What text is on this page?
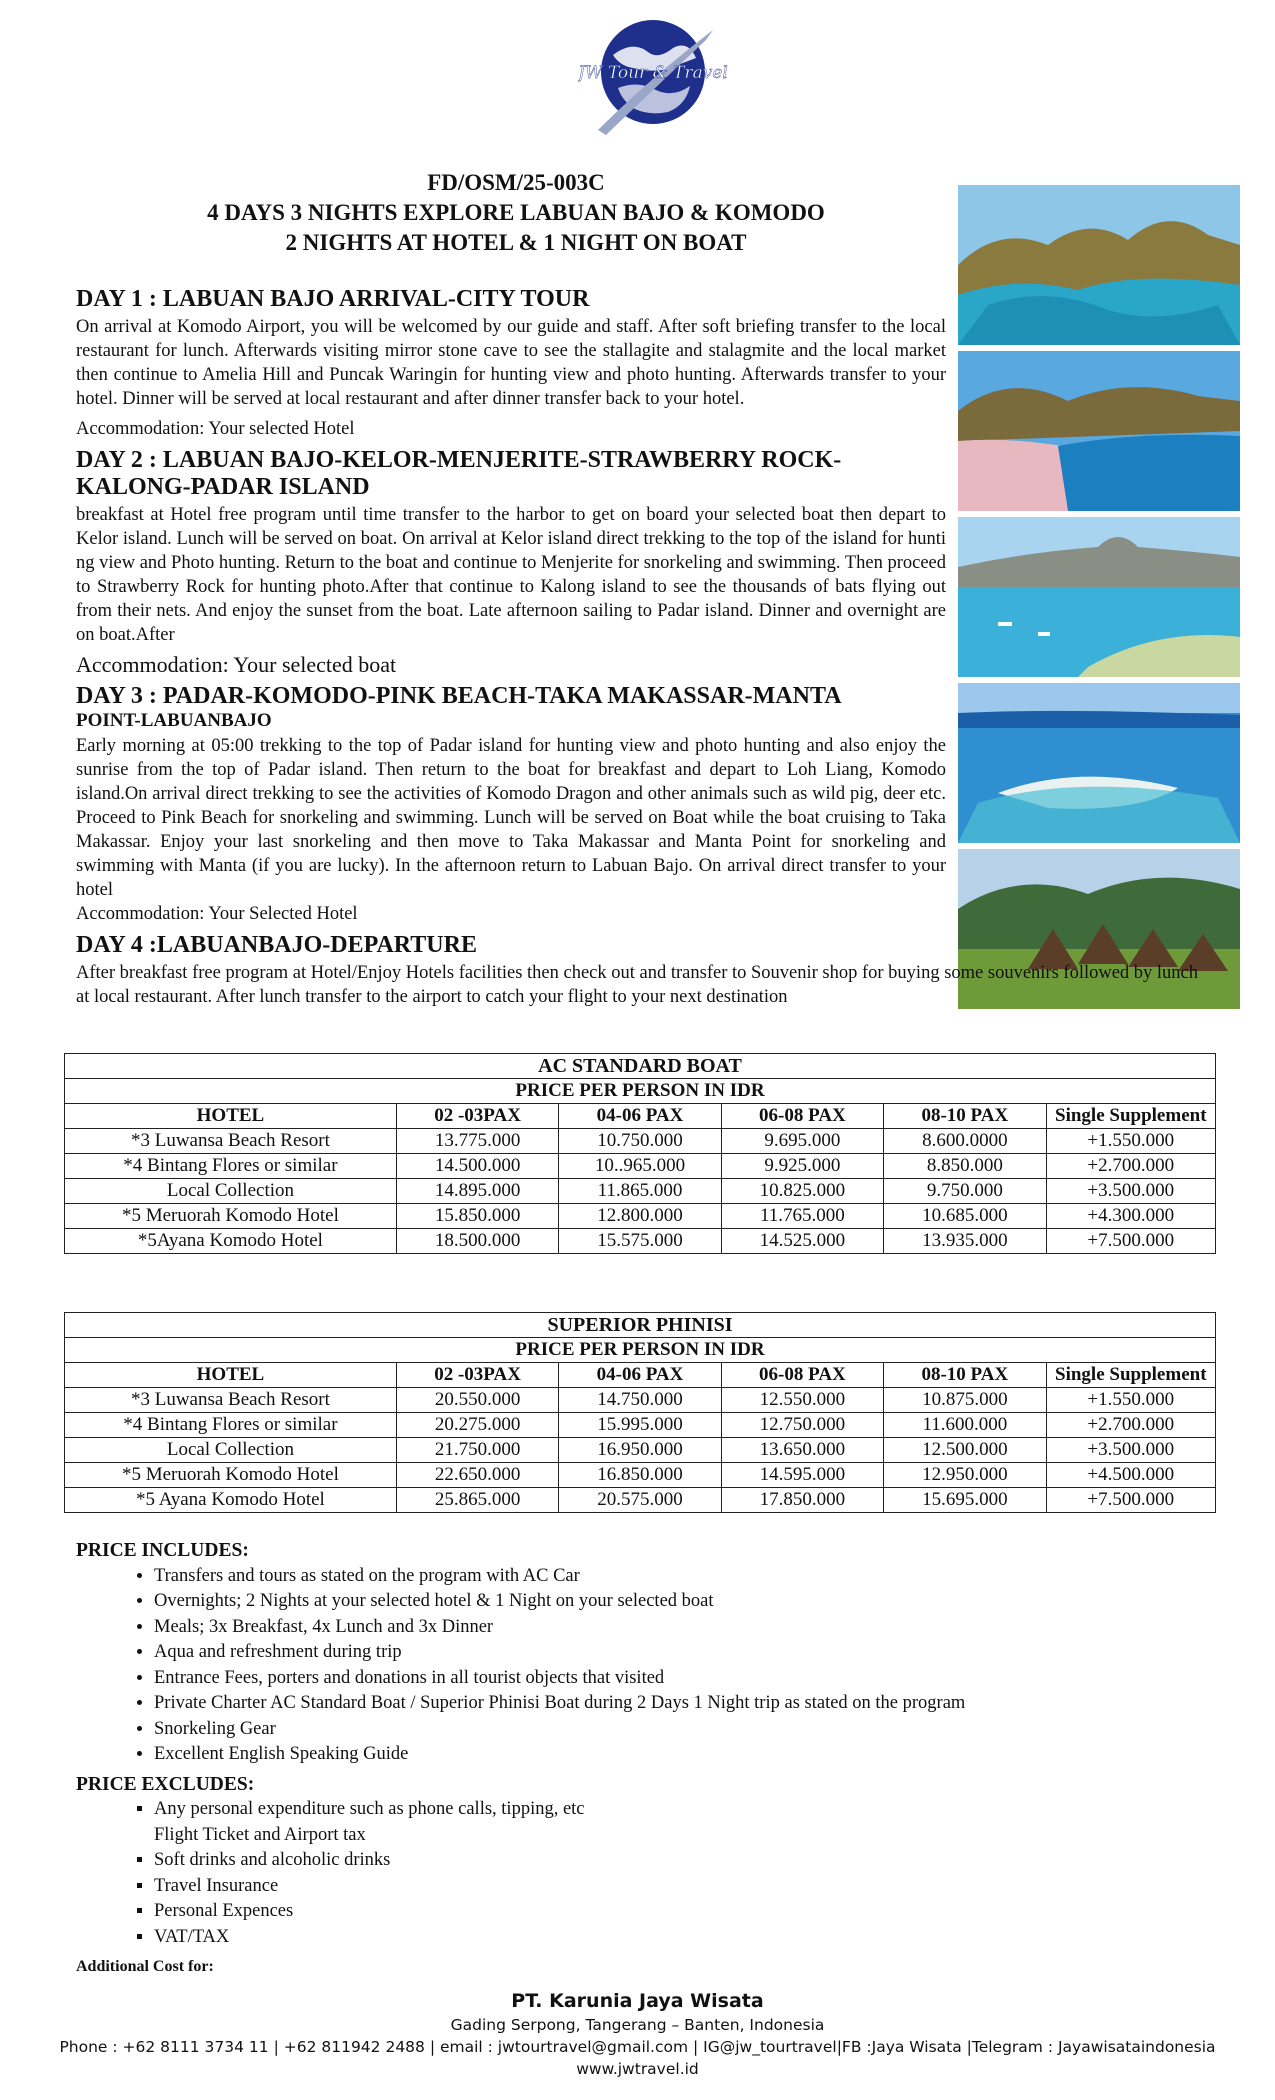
JW Tour & Travel
FD/OSM/25-003C
4 DAYS 3 NIGHTS EXPLORE LABUAN BAJO & KOMODO
2 NIGHTS AT HOTEL & 1 NIGHT ON BOAT
DAY 1 : LABUAN BAJO ARRIVAL-CITY TOUR

On arrival at Komodo Airport, you will be welcomed by our guide and staff. After soft briefing transfer to the local restaurant for lunch. Afterwards visiting mirror stone cave to see the stallagite and stalagmite and the local market then continue to Amelia Hill and Puncak Waringin for hunting view and photo hunting. Afterwards transfer to your hotel. Dinner will be served at local restaurant and after dinner transfer back to your hotel.

Accommodation: Your selected Hotel

DAY 2 : LABUAN BAJO-KELOR-MENJERITE-STRAWBERRY ROCK-KALONG-PADAR ISLAND

breakfast at Hotel free program until time transfer to the harbor to get on board your selected boat then depart to Kelor island. Lunch will be served on boat. On arrival at Kelor island direct trekking to the top of the island for hunti ng view and Photo hunting. Return to the boat and continue to Menjerite for snorkeling and swimming. Then proceed to Strawberry Rock for hunting photo.After that continue to Kalong island to see the thousands of bats flying out from their nets. And enjoy the sunset from the boat. Late afternoon sailing to Padar island. Dinner and overnight are on boat.After

Accommodation: Your selected boat

DAY 3 : PADAR-KOMODO-PINK BEACH-TAKA MAKASSAR-MANTA
POINT-LABUANBAJO

Early morning at 05:00 trekking to the top of Padar island for hunting view and photo hunting and also enjoy the sunrise from the top of Padar island. Then return to the boat for breakfast and depart to Loh Liang, Komodo island.On arrival direct trekking to see the activities of Komodo Dragon and other animals such as wild pig, deer etc. Proceed to Pink Beach for snorkeling and swimming. Lunch will be served on Boat while the boat cruising to Taka Makassar. Enjoy your last snorkeling and then move to Taka Makassar and Manta Point for snorkeling and swimming with Manta (if you are lucky). In the afternoon return to Labuan Bajo. On arrival direct transfer to your hotel

Accommodation: Your Selected Hotel

DAY 4 :LABUANBAJO-DEPARTURE

After breakfast free program at Hotel/Enjoy Hotels facilities then check out and transfer to Souvenir shop for buying some souvenirs followed by lunch at local restaurant. After lunch transfer to the airport to catch your flight to your next destination

AC STANDARD BOAT					
PRICE PER PERSON IN IDR					
HOTEL	02 -03PAX	04-06 PAX	06-08 PAX	08-10 PAX	Single Supplement
*3 Luwansa Beach Resort	13.775.000	10.750.000	9.695.000	8.600.0000	+1.550.000
*4 Bintang Flores or similar	14.500.000	10..965.000	9.925.000	8.850.000	+2.700.000
Local Collection	14.895.000	11.865.000	10.825.000	9.750.000	+3.500.000
*5 Meruorah Komodo Hotel	15.850.000	12.800.000	11.765.000	10.685.000	+4.300.000
*5Ayana Komodo Hotel	18.500.000	15.575.000	14.525.000	13.935.000	+7.500.000
SUPERIOR PHINISI					
PRICE PER PERSON IN IDR					
HOTEL	02 -03PAX	04-06 PAX	06-08 PAX	08-10 PAX	Single Supplement
*3 Luwansa Beach Resort	20.550.000	14.750.000	12.550.000	10.875.000	+1.550.000
*4 Bintang Flores or similar	20.275.000	15.995.000	12.750.000	11.600.000	+2.700.000
Local Collection	21.750.000	16.950.000	13.650.000	12.500.000	+3.500.000
*5 Meruorah Komodo Hotel	22.650.000	16.850.000	14.595.000	12.950.000	+4.500.000
*5 Ayana Komodo Hotel	25.865.000	20.575.000	17.850.000	15.695.000	+7.500.000
PRICE INCLUDES:
• Transfers and tours as stated on the program with AC Car
• Overnights; 2 Nights at your selected hotel & 1 Night on your selected boat
• Meals; 3x Breakfast, 4x Lunch and 3x Dinner
• Aqua and refreshment during trip
• Entrance Fees, porters and donations in all tourist objects that visited
• Private Charter AC Standard Boat / Superior Phinisi Boat during 2 Days 1 Night trip as stated on the program
• Snorkeling Gear
• Excellent English Speaking Guide
PRICE EXCLUDES:
▪ Any personal expenditure such as phone calls, tipping, etc
Flight Ticket and Airport tax
▪ Soft drinks and alcoholic drinks
▪ Travel Insurance
▪ Personal Expences
▪ VAT/TAX
Additional Cost for:
PT. Karunia Jaya Wisata
Gading Serpong, Tangerang – Banten, Indonesia
Phone : +62 8111 3734 11 | +62 811942 2488 | email : jwtourtravel@gmail.com | IG@jw_tourtravel|FB :Jaya Wisata |Telegram : Jayawisataindonesia
www.jwtravel.id
